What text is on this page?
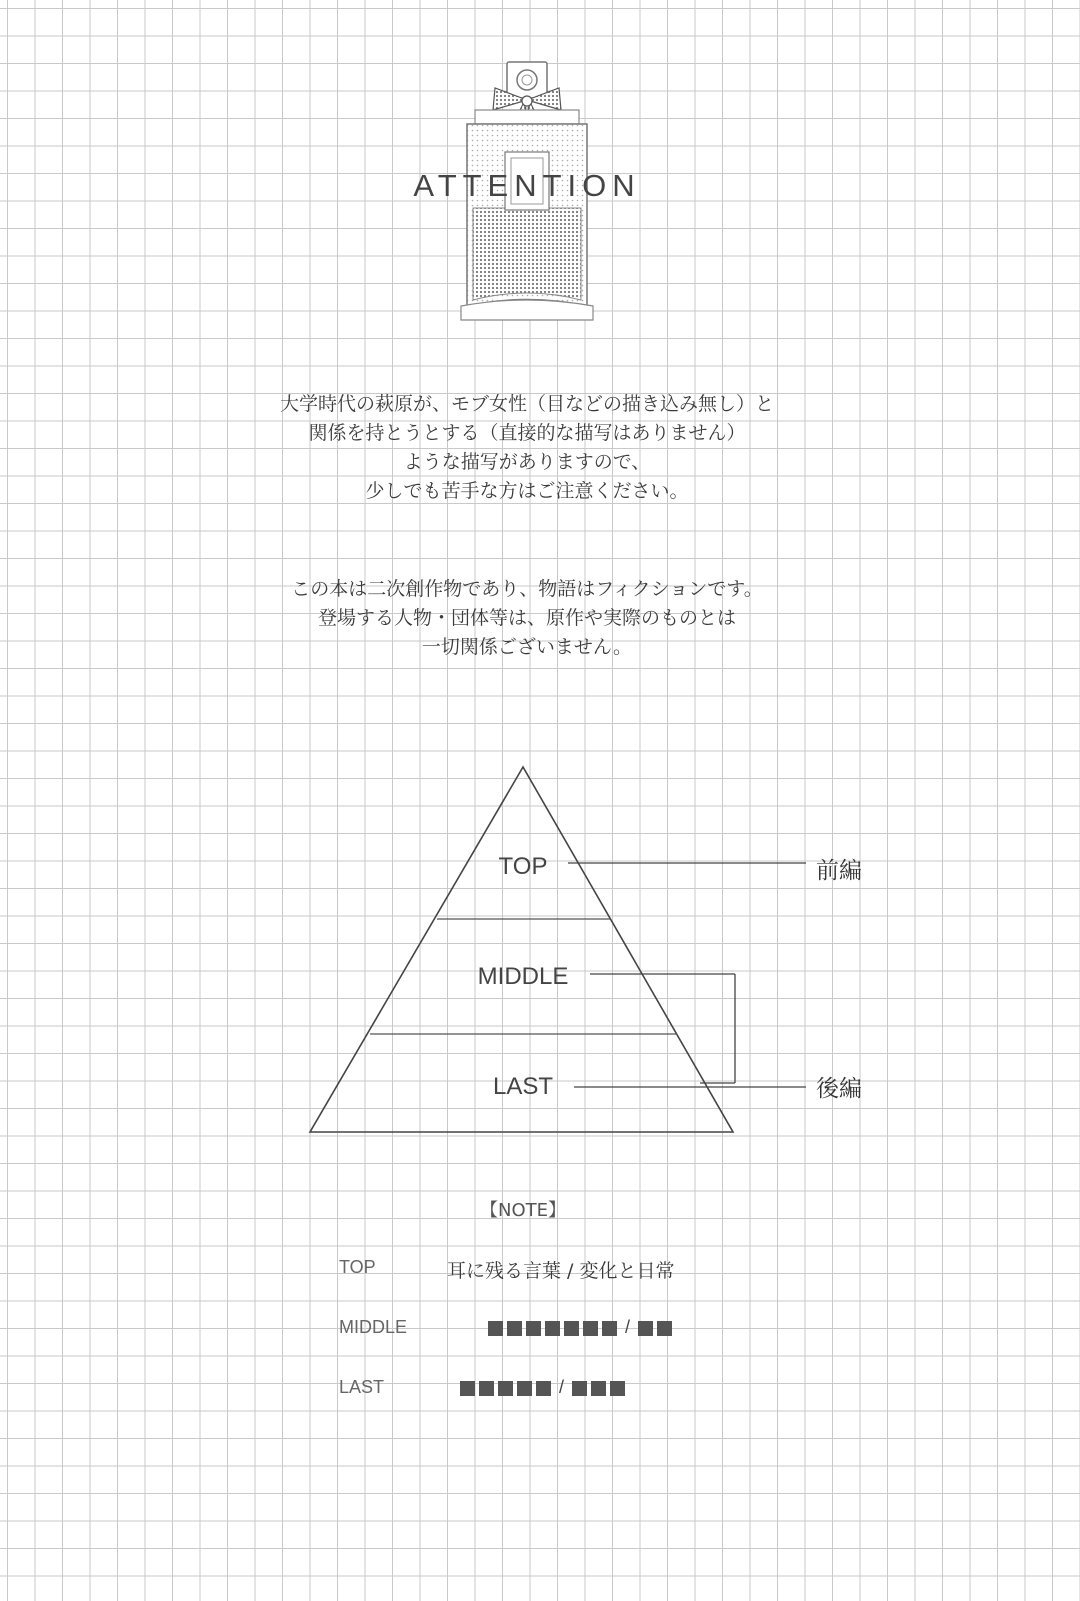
ATTENTION
大学時代の萩原が、モブ女性（目などの描き込み無し）と
関係を持とうとする（直接的な描写はありません）
ような描写がありますので、
少しでも苦手な方はご注意ください。
この本は二次創作物であり、物語はフィクションです。
登場する人物・団体等は、原作や実際のものとは
一切関係ございません。
TOP
MIDDLE
LAST
前編
後編
【NOTE】
TOP	耳に残る言葉 / 変化と日常
MIDDLE	/
LAST	/
